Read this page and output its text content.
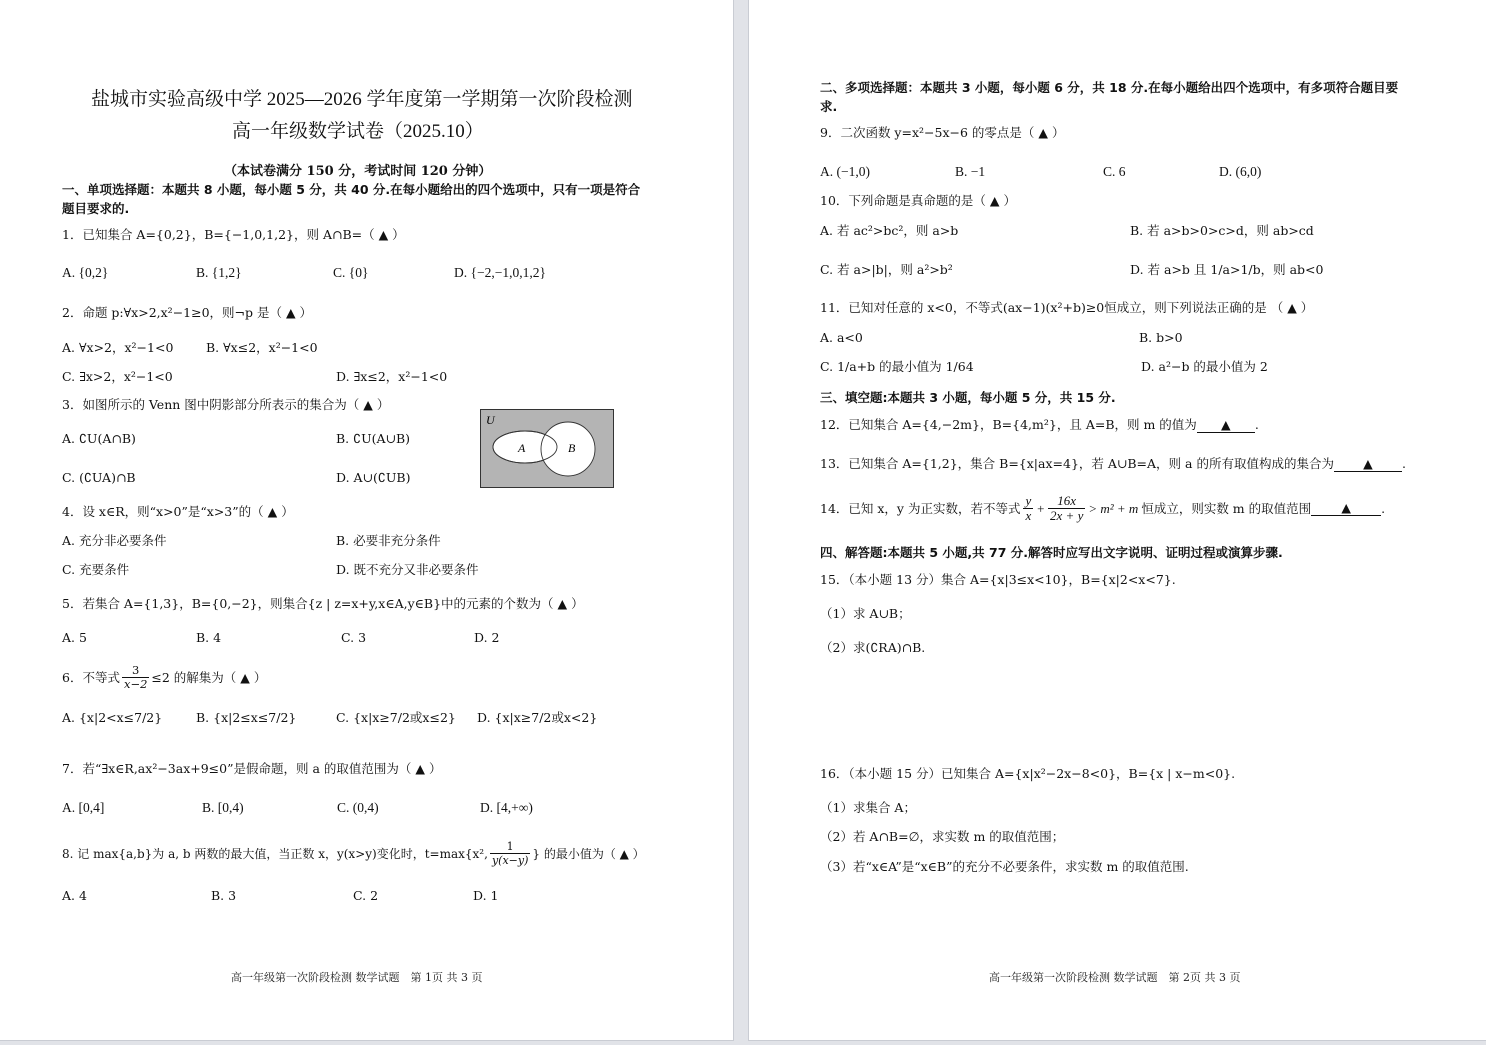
盐城市实验高级中学 2025—2026 学年度第一学期第一次阶段检测
高一年级数学试卷（2025.10）
（本试卷满分 150 分，考试时间 120 分钟）
一、单项选择题：本题共 8 小题，每小题 5 分，共 40 分.在每小题给出的四个选项中，只有一项是符合
题目要求的.
1．已知集合 A={0,2}，B={−1,0,1,2}，则 A∩B=（ ▲ ）
A. {0,2}	B. {1,2}	C. {0}	D. {−2,−1,0,1,2}
2．命题 p:∀x>2,x²−1≥0，则¬p 是（ ▲ ）
A. ∀x>2，x²−1<0	B. ∀x≤2，x²−1<0
C. ∃x>2，x²−1<0	D. ∃x≤2，x²−1<0
3．如图所示的 Venn 图中阴影部分所表示的集合为（ ▲ ）
A. ∁U(A∩B)	B. ∁U(A∪B)
C. (∁UA)∩B	D. A∪(∁UB)
U
A	B
4．设 x∈R，则“x>0”是“x>3”的（ ▲ ）
A. 充分非必要条件	B. 必要非充分条件
C. 充要条件	D. 既不充分又非必要条件
5．若集合 A={1,3}，B={0,−2}，则集合{z | z=x+y,x∈A,y∈B}中的元素的个数为（ ▲ ）
A. 5	B. 4	C. 3	D. 2
6．不等式 $\frac{3}{x-2} \le 2$ 的解集为（ ▲ ）
A. {x|2<x≤7/2}	B. {x|2≤x≤7/2}	C. {x|x≥7/2或x≤2} D. {x|x≥7/2或x<2}
7．若“∃x∈R,ax²−3ax+9≤0”是假命题，则 a 的取值范围为（ ▲ ）
A. [0,4]	B. [0,4)	C. (0,4)	D. [4,+∞)
8. 记 max{a,b}为 a, b 两数的最大值，当正数 x，y(x>y)变化时，t=max{x², $\frac{1}{y(x-y)}$ } 的最小值为（ ▲ ）
A. 4	B. 3	C. 2	D. 1
高一年级第一次阶段检测 数学试题　第 1页 共 3 页
二、多项选择题：本题共 3 小题，每小题 6 分，共 18 分.在每小题给出四个选项中，有多项符合题目要
求.
9．二次函数 y=x²−5x−6 的零点是（ ▲ ）
A. (−1,0)	B. −1	C. 6	D. (6,0)
10．下列命题是真命题的是（ ▲ ）
A. 若 ac²>bc²，则 a>b	B. 若 a>b>0>c>d，则 ab>cd
C. 若 a>|b|，则 a²>b²	D. 若 a>b 且 1/a>1/b，则 ab<0
11．已知对任意的 x<0，不等式(ax−1)(x²+b)≥0恒成立，则下列说法正确的是 （ ▲ ）
A. a<0	B. b>0
C. 1/a+b 的最小值为 1/64	D. a²−b 的最小值为 2
三、填空题:本题共 3 小题，每小题 5 分，共 15 分.
12．已知集合 A={4,−2m}，B={4,m²}，且 A=B，则 m 的值为 ▲ .
13．已知集合 A={1,2}，集合 B={x|ax=4}，若 A∪B=A，则 a 的所有取值构成的集合为 ▲ .
14．已知 x，y 为正实数，若不等式 y
$x + \frac{16x}{2x + y} > m^2 + m$ 恒成立，则实数 m 的取值范围	▲	.
四、解答题:本题共 5 小题,共 77 分.解答时应写出文字说明、证明过程或演算步骤.
15．（本小题 13 分）集合 A={x|3≤x<10}，B={x|2<x<7}.
（1）求 A∪B；
（2）求(∁RA)∩B.
16．（本小题 15 分）已知集合 A={x|x²−2x−8<0}，B={x | x−m<0}.
（1）求集合 A；
（2）若 A∩B=∅，求实数 m 的取值范围；
（3）若“x∈A”是“x∈B”的充分不必要条件，求实数 m 的取值范围.
高一年级第一次阶段检测 数学试题　第 2页 共 3 页
